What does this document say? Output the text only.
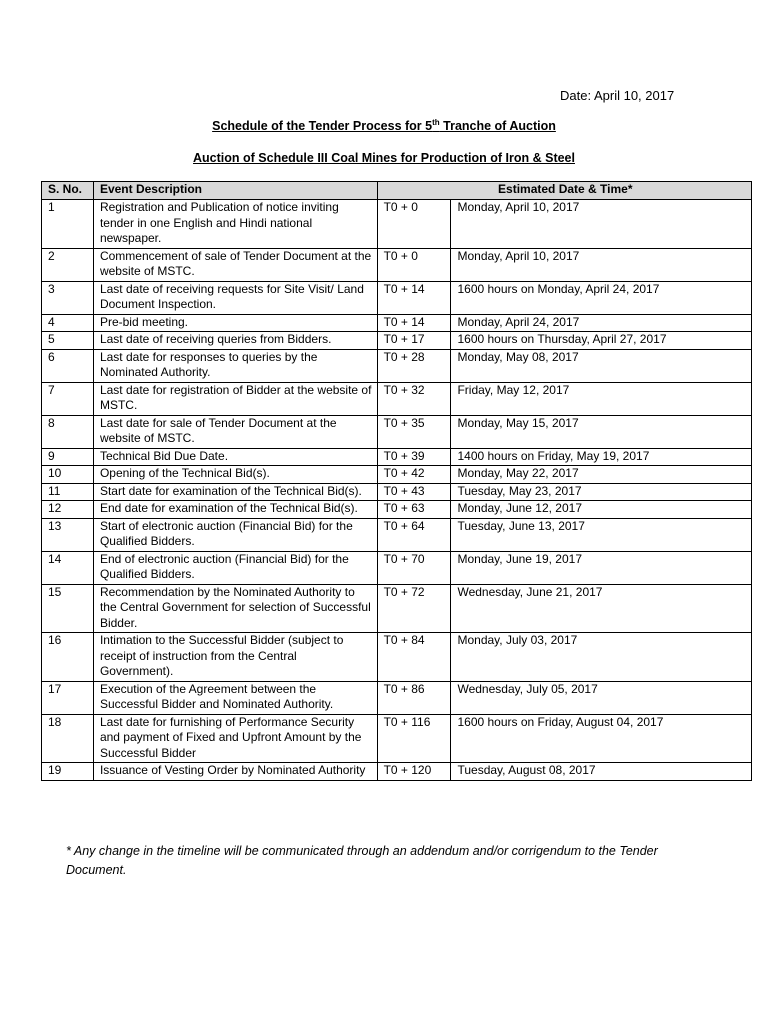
Date: April 10, 2017
Schedule of the Tender Process for 5th Tranche of Auction
Auction of Schedule III Coal Mines for Production of Iron & Steel
S. No.	Event Description	Estimated Date & Time*	
1	Registration and Publication of notice inviting tender in one English and Hindi national newspaper.	T0 + 0	Monday, April 10, 2017
2	Commencement of sale of Tender Document at the website of MSTC.	T0 + 0	Monday, April 10, 2017
3	Last date of receiving requests for Site Visit/ Land Document Inspection.	T0 + 14	1600 hours on Monday, April 24, 2017
4	Pre-bid meeting.	T0 + 14	Monday, April 24, 2017
5	Last date of receiving queries from Bidders.	T0 + 17	1600 hours on Thursday, April 27, 2017
6	Last date for responses to queries by the Nominated Authority.	T0 + 28	Monday, May 08, 2017
7	Last date for registration of Bidder at the website of MSTC.	T0 + 32	Friday, May 12, 2017
8	Last date for sale of Tender Document at the website of MSTC.	T0 + 35	Monday, May 15, 2017
9	Technical Bid Due Date.	T0 + 39	1400 hours on Friday, May 19, 2017
10	Opening of the Technical Bid(s).	T0 + 42	Monday, May 22, 2017
11	Start date for examination of the Technical Bid(s).	T0 + 43	Tuesday, May 23, 2017
12	End date for examination of the Technical Bid(s).	T0 + 63	Monday, June 12, 2017
13	Start of electronic auction (Financial Bid) for the Qualified Bidders.	T0 + 64	Tuesday, June 13, 2017
14	End of electronic auction (Financial Bid) for the Qualified Bidders.	T0 + 70	Monday, June 19, 2017
15	Recommendation by the Nominated Authority to the Central Government for selection of Successful Bidder.	T0 + 72	Wednesday, June 21, 2017
16	Intimation to the Successful Bidder (subject to receipt of instruction from the Central Government).	T0 + 84	Monday, July 03, 2017
17	Execution of the Agreement between the Successful Bidder and Nominated Authority.	T0 + 86	Wednesday, July 05, 2017
18	Last date for furnishing of Performance Security and payment of Fixed and Upfront Amount by the Successful Bidder	T0 + 116	1600 hours on Friday, August 04, 2017
19	Issuance of Vesting Order by Nominated Authority	T0 + 120	Tuesday, August 08, 2017
* Any change in the timeline will be communicated through an addendum and/or corrigendum to the Tender Document.
